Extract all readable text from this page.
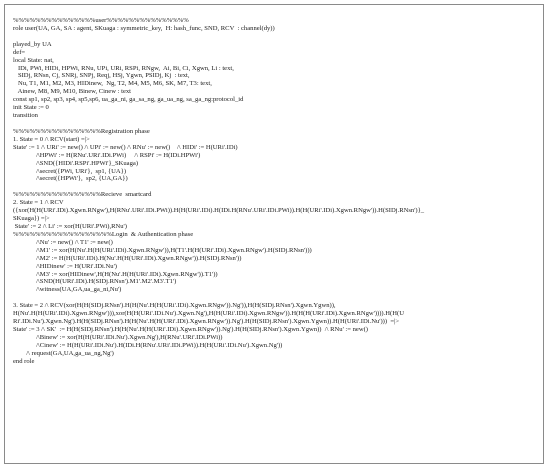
%%%%%%%%%%%%%%%user%%%%%%%%%%%%%%%
role user(UA, GA, SA : agent, SKuaga : symmetric_key,  H: hash_func, SND, RCV  : channel(dy))
played_by UA
def=
local State: nat,
IDi, PWi, HIDi, HPWi, RNu, UPi, URi, RSPi, RNgw,  Ai, Bi, Ci, Xgwn, Li : text,
SIDj, RNsn, Cj, SNRj, SNPj, Reqj, HSj, Ygwn, PSIDj, Kj  : text,
Nu, T1, M1, M2, M3, HIDinew,  Ng, T2, M4, M5, M6, SK, M7, T3: text,
Ainew, M8, M9, M10, Binew, Cinew : text
const sp1, sp2, sp3, sp4, sp5,sp6, ua_ga_ni, ga_sa_ng, ga_ua_ng, sa_ga_ng:protocol_id
init State := 0
transition
%%%%%%%%%%%%%%%%Registration phase
1. State = 0 /\ RCV(start) =|>
State' := 1 /\ URi' := new() /\ UPi' := new() /\ RNu' := new()    /\ HIDi' := H(URi'.IDi)
/\HPWi' := H(RNu'.URi'.IDi.PWi)     /\ RSPi' := H(IDi.HPWi')
/\SND({HIDi'.RSPi'.HPWi'}_SKuaga)
/\secret({PWi, URi'},  sp1, {UA})
/\secret({HPWi'},  sp2, {UA,GA})
%%%%%%%%%%%%%%%%Recieve  smartcard
2. State = 1 /\ RCV
({xor(H(H(URi'.IDi).Xgwn.RNgw'),H(RNu'.URi'.IDi.PWi)).H(H(URi'.IDi).H(IDi.H(RNu'.URi'.IDi.PWi)).H(H(URi'.IDi).Xgwn.RNgw')).H(SIDj.RNsn')}_
SKuaga}) =|>
State' := 2 /\ Li' := xor(H(URi'.PWi),RNu')
%%%%%%%%%%%%%%%%%%Login  & Authentication phase
/\Nu' := new() /\ T1' := new()
/\M1' := xor(H(Nu'.H(H(URi'.IDi).Xgwn.RNgw')),H(T1'.H(H(URi'.IDi).Xgwn.RNgw').H(SIDj.RNsn')))
/\M2' := H(H(URi'.IDi).H(Nu'.H(H(URi'.IDi).Xgwn.RNgw')).H(SIDj.RNsn'))
/\HIDinew' := H(URi'.IDi.Nu')
/\M3' := xor(HIDinew',H(H(Nu'.H(H(URi'.IDi).Xgwn.RNgw')).T1'))
/\SND(H(URi'.IDi).H(SIDj.RNsn').M1'.M2'.M3'.T1')
/\witness(UA,GA,ua_ga_ni,Nu')
3. State = 2 /\ RCV(xor(H(H(SIDj.RNsn').H(H(Nu'.H(H(URi'.IDi).Xgwn.RNgw')).Ng')),H(H(SIDj.RNsn').Xgwn.Ygwn)),
H(Nu'.H(H(URi'.IDi).Xgwn.RNgw'))),xor(H(H(URi'.IDi.Nu').Xgwn.Ng'),H(H(URi'.IDi).Xgwn.RNgw')).H(H(H(URi'.IDi).Xgwn.RNgw')))).H(H(U
Ri'.IDi.Nu').Xgwn.Ng').H(H(SIDj.RNsn').H(H(Nu'.H(H(URi'.IDi).Xgwn.RNgw')).Ng').H(H(SIDj.RNsn').Xgwn.Ygwn)).H(H(URi'.IDi.Nu')))  =|>
State' := 3 /\ SK'  := H(H(SIDj.RNsn').H(H(Nu'.H(H(URi'.IDi).Xgwn.RNgw')).Ng').H(H(SIDj.RNsn').Xgwn.Ygwn))  /\ RNu' := new()
/\Binew' := xor(H(H(URi'.IDi.Nu').Xgwn.Ng'),H(RNu'.URi'.IDi.PWi))
/\Cinew' := H(H(URi'.IDi.Nu').H(IDi.H(RNu'.URi'.IDi.PWi)).H(H(URi'.IDi.Nu').Xgwn.Ng'))
/\ request(GA,UA,ga_ua_ng,Ng')
end role
